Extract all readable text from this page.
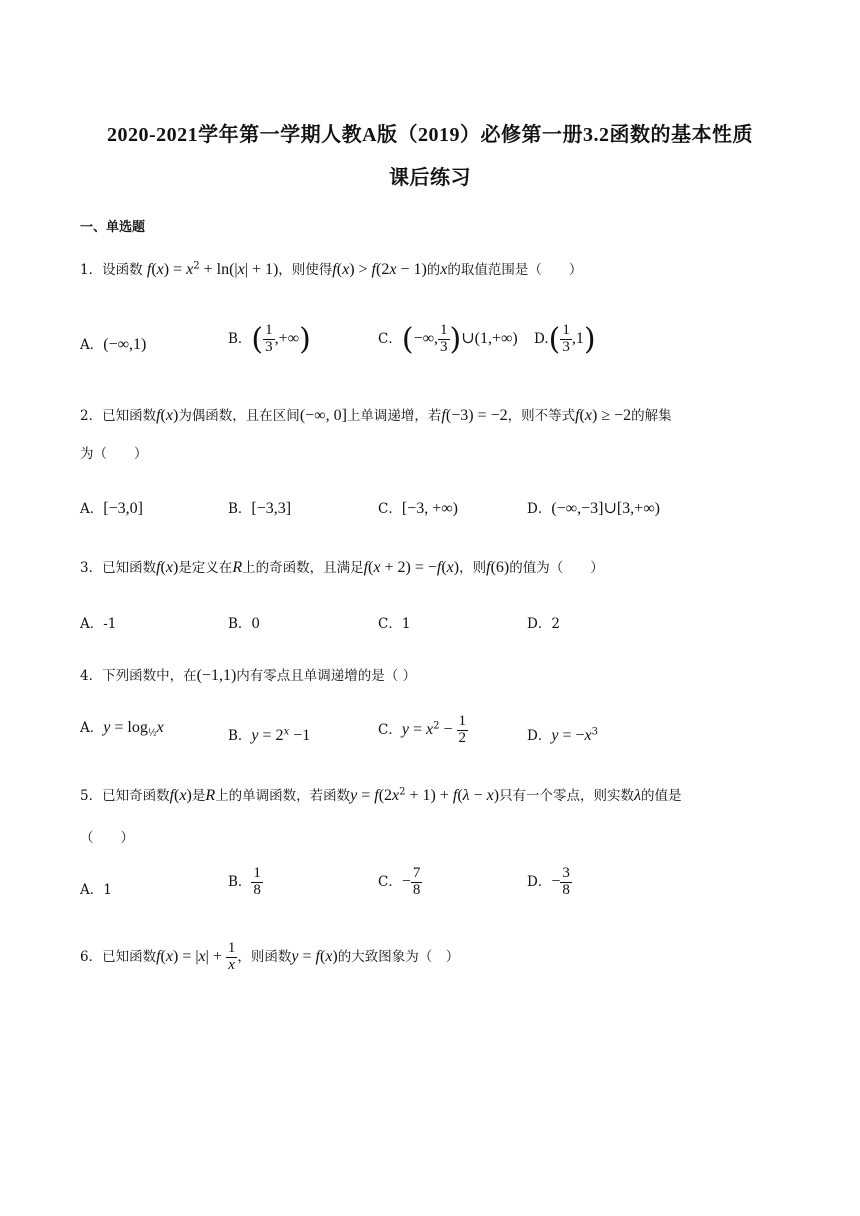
2020-2021学年第一学期人教A版（2019）必修第一册3.2函数的基本性质
课后练习
一、单选题
1．设函数 $f(x) = x^2 + \ln(|x| + 1)$，则使得f(x) > f(2x − 1)的x的取值范围是（　　）
A．(−∞,1)	B．( $\frac{1}{3}$ ,+∞)	C．(−∞, $\frac{1}{3}$ )∪(1,+∞) $D.( \frac{1}{3} ,1)$
2．已知函数f(x)为偶函数，且在区间(−∞, 0]上单调递增，若f(−3) = −2，则不等式f(x) ≥ −2的解集
为（　　）
A．[−3,0]	B．[−3,3]	C．[−3, +∞)	D．(−∞,−3]∪[3,+∞)
3．已知函数f(x)是定义在R上的奇函数，且满足f(x + 2) = −f(x)，则f(6)的值为（　　）
A．-1	B．0	C．1	D．2
4．下列函数中，在(−1,1)内有零点且单调递增的是（ ）
A．$y = \log_{\frac{1}{2}}x$	B．$y = 2^x -1$	C．$y = x^2 - \frac{1}{2}$	D．$y = -x^3$
5．已知奇函数f(x)是R上的单调函数，若函数$y = f(2x^2 + 1) + f(\lambda - x)$只有一个零点，则实数λ的值是
（　　）
A．1
B． $\frac{1}{8}$	C．− $\frac{7}{8}$	D．− $\frac{3}{8}$
6．已知函数$f(x) = |x| + \frac{1}{x}$ ，则函数y = f(x)的大致图象为（　）
